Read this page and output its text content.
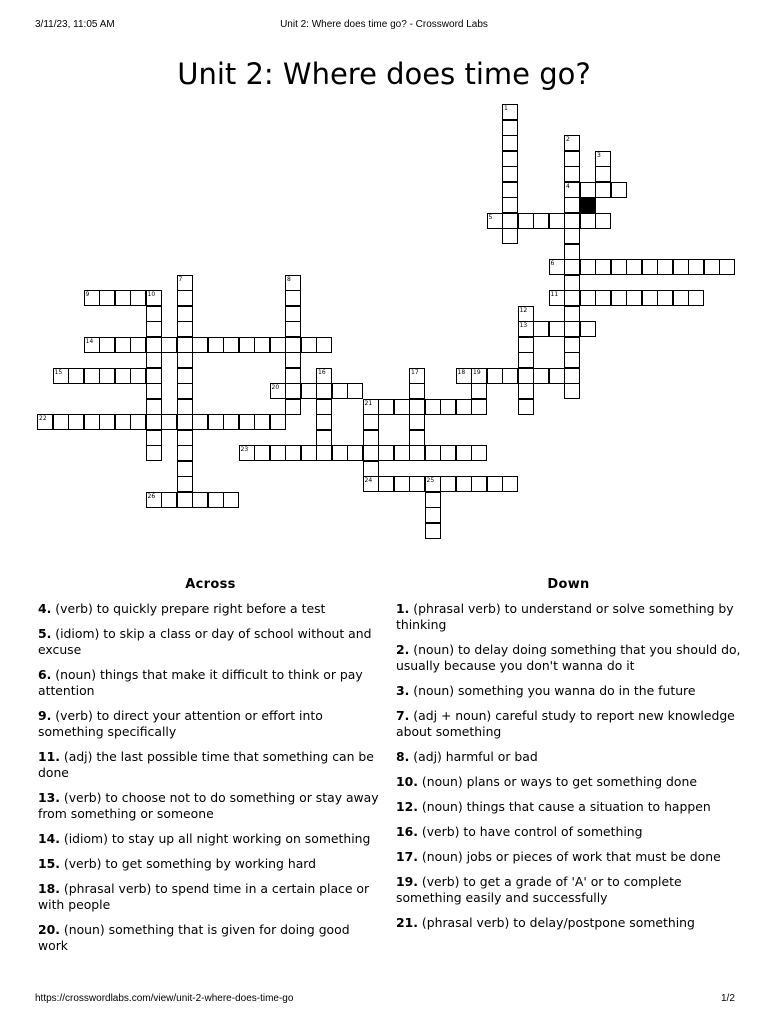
3/11/23, 11:05 AM	Unit 2: Where does time go? - Crossword Labs
Unit 2: Where does time go?
1
2
4
3
5
6
7	8
9	10	11
12
13
14
15	16	17	18 19
20
21
24
22
23
25
26
Across

4. (verb) to quickly prepare right before a test

5. (idiom) to skip a class or day of school without and excuse

6. (noun) things that make it difficult to think or pay attention

9. (verb) to direct your attention or effort into something specifically

11. (adj) the last possible time that something can be done

13. (verb) to choose not to do something or stay away from something or someone

14. (idiom) to stay up all night working on something

15. (verb) to get something by working hard

18. (phrasal verb) to spend time in a certain place or with people

20. (noun) something that is given for doing good work

Down

1. (phrasal verb) to understand or solve something by thinking

2. (noun) to delay doing something that you should do, usually because you don't wanna do it

3. (noun) something you wanna do in the future

7. (adj + noun) careful study to report new knowledge about something

8. (adj) harmful or bad

10. (noun) plans or ways to get something done

12. (noun) things that cause a situation to happen

16. (verb) to have control of something

17. (noun) jobs or pieces of work that must be done

19. (verb) to get a grade of 'A' or to complete something easily and successfully

21. (phrasal verb) to delay/postpone something

https://crosswordlabs.com/view/unit-2-where-does-time-go	1/2
